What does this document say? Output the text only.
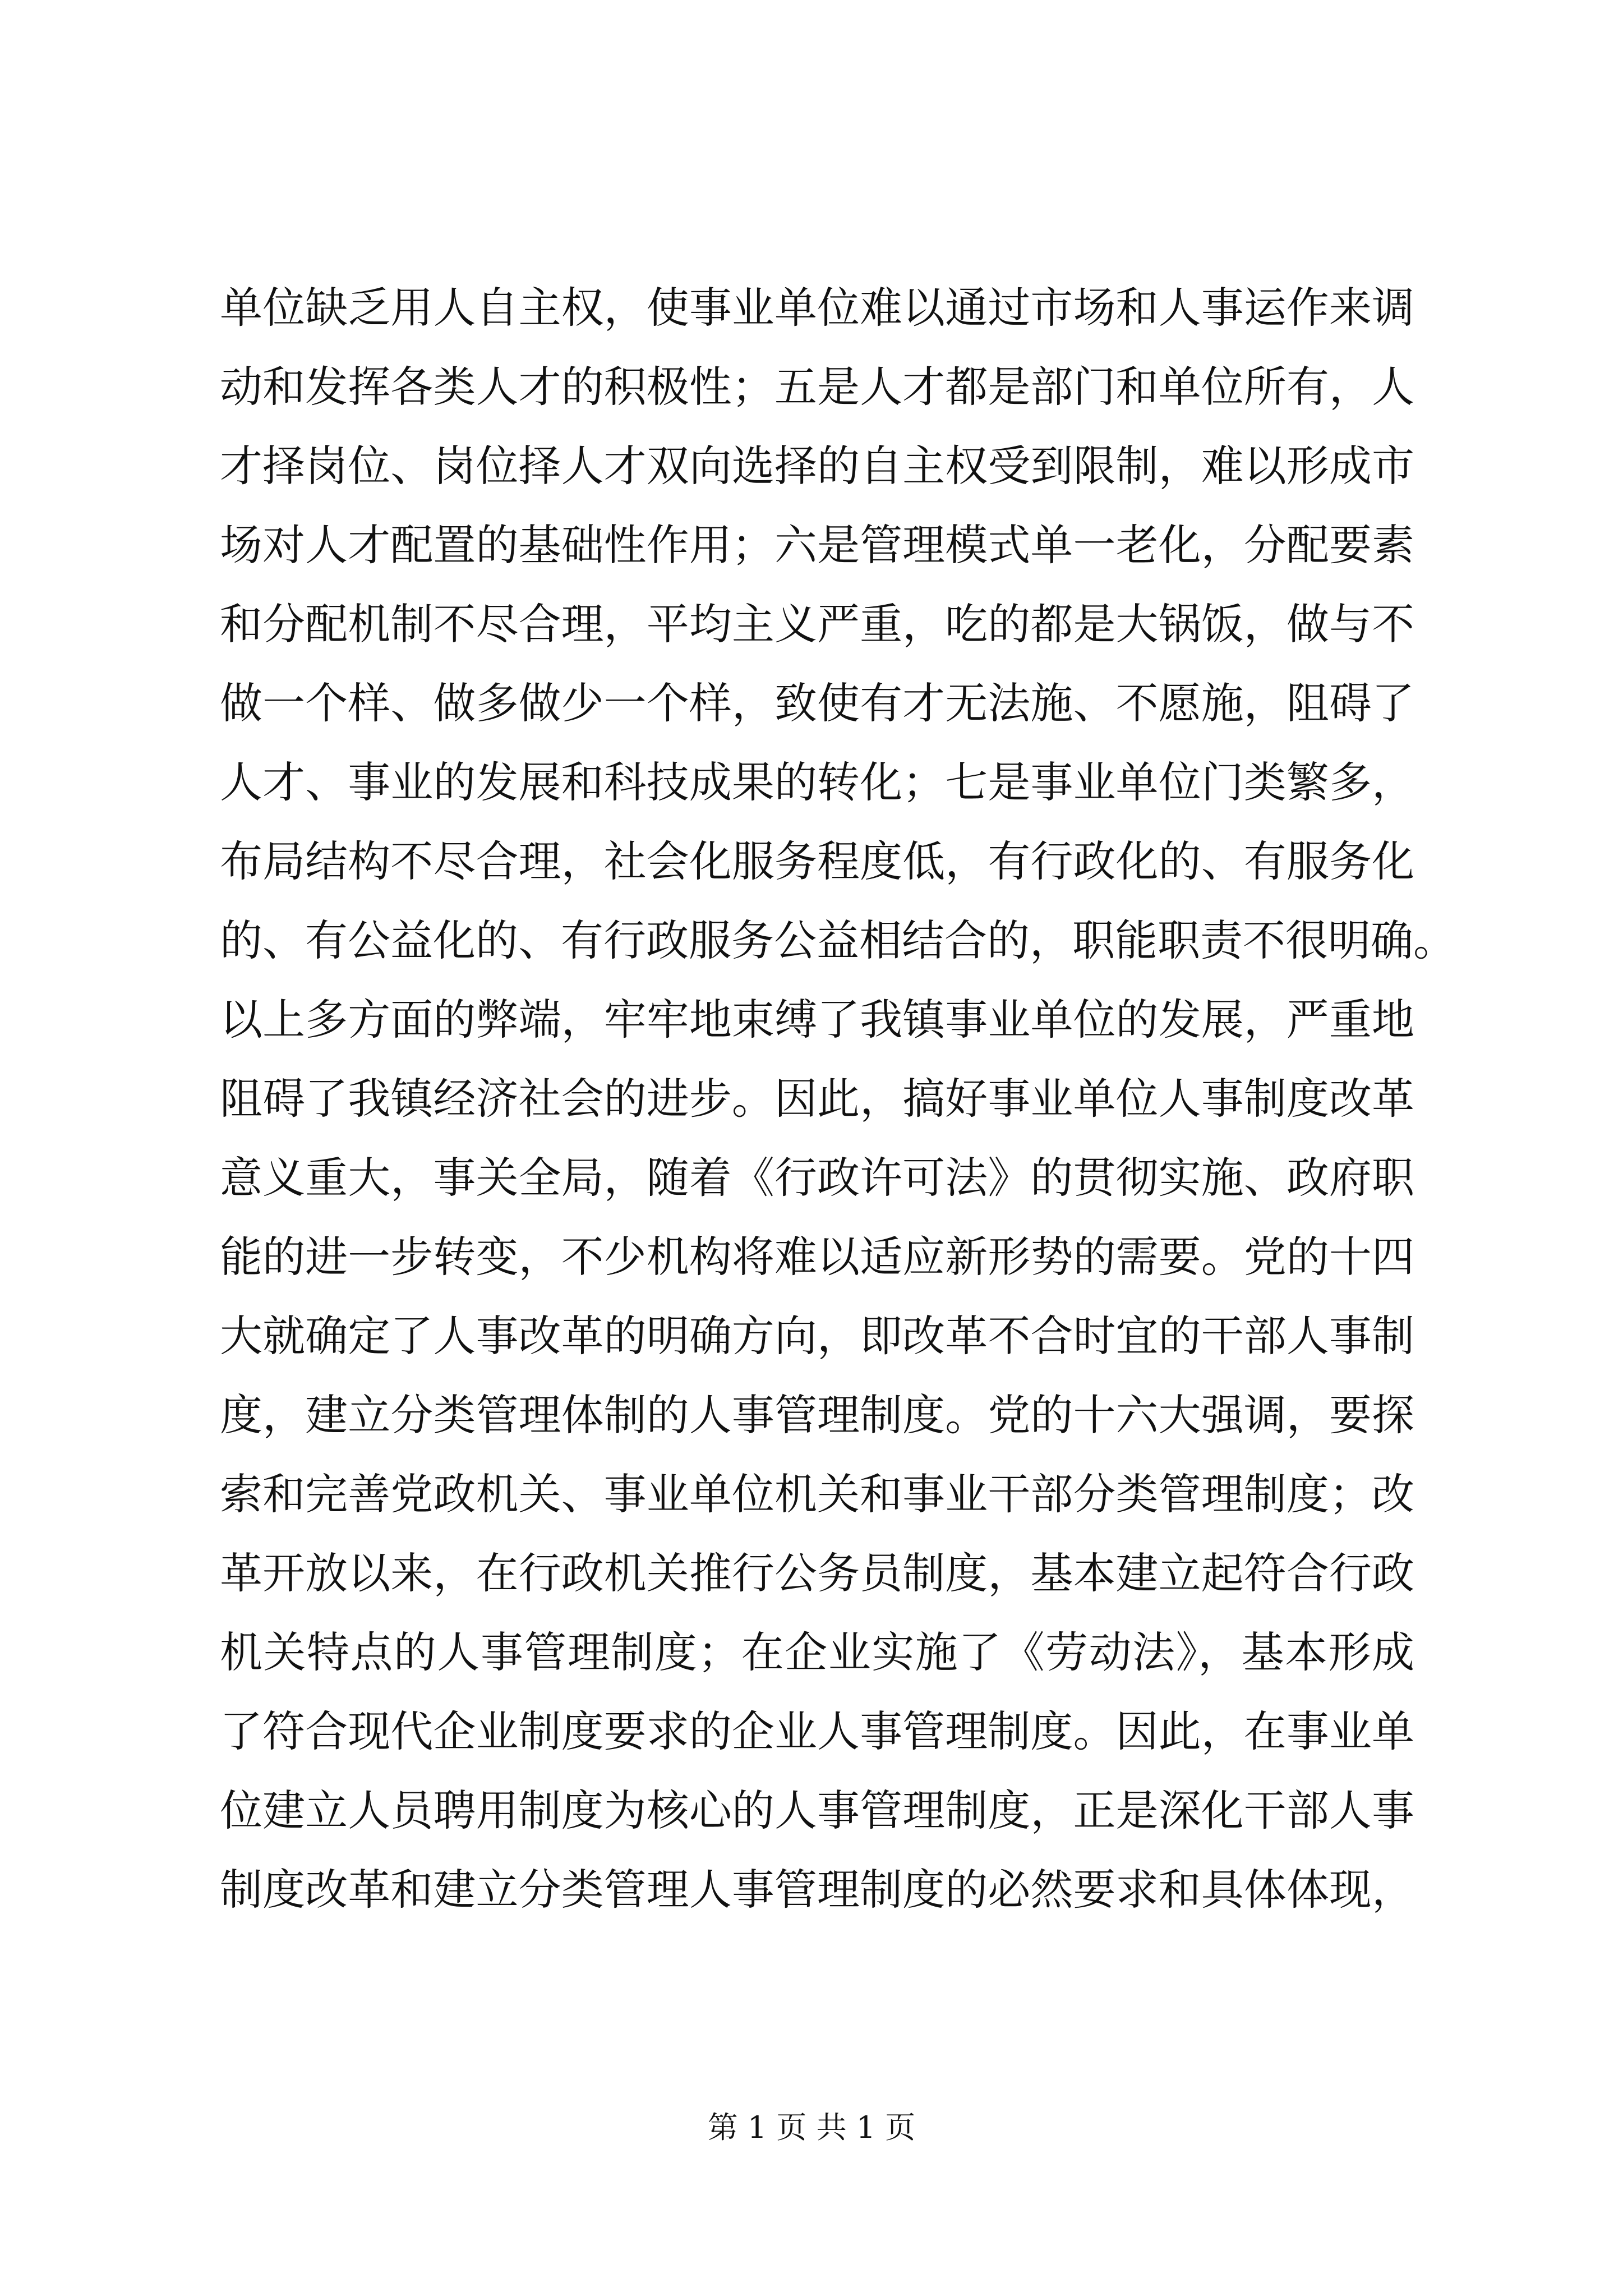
单位缺乏用人自主权，使事业单位难以通过市场和人事运作来调
动和发挥各类人才的积极性；五是人才都是部门和单位所有，人
才择岗位、岗位择人才双向选择的自主权受到限制，难以形成市
场对人才配置的基础性作用；六是管理模式单一老化，分配要素
和分配机制不尽合理，平均主义严重，吃的都是大锅饭，做与不
做一个样、做多做少一个样，致使有才无法施、不愿施，阻碍了
人才、事业的发展和科技成果的转化；七是事业单位门类繁多，
布局结构不尽合理，社会化服务程度低，有行政化的、有服务化
的、有公益化的、有行政服务公益相结合的，职能职责不很明确。
以上多方面的弊端，牢牢地束缚了我镇事业单位的发展，严重地
阻碍了我镇经济社会的进步。因此，搞好事业单位人事制度改革
意义重大，事关全局，随着《行政许可法》的贯彻实施、政府职
能的进一步转变，不少机构将难以适应新形势的需要。党的十四
大就确定了人事改革的明确方向，即改革不合时宜的干部人事制
度，建立分类管理体制的人事管理制度。党的十六大强调，要探
索和完善党政机关、事业单位机关和事业干部分类管理制度；改
革开放以来，在行政机关推行公务员制度，基本建立起符合行政
机关特点的人事管理制度；在企业实施了《劳动法》，基本形成
了符合现代企业制度要求的企业人事管理制度。因此，在事业单
位建立人员聘用制度为核心的人事管理制度，正是深化干部人事
制度改革和建立分类管理人事管理制度的必然要求和具体体现，
第 1 页 共 1 页
